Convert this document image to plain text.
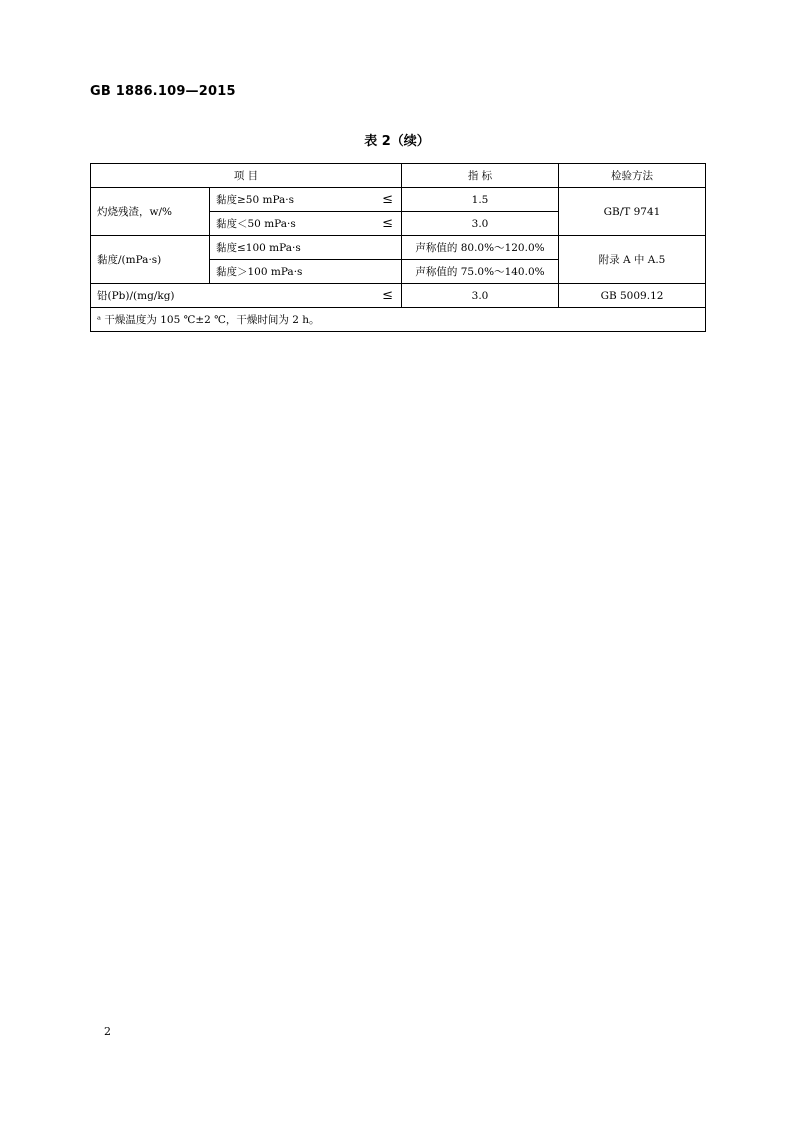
GB 1886.109—2015
表 2（续）
项 目		指 标	检验方法
灼烧残渣，w/%	黏度≥50 mPa·s ≤	1.5	GB/T 9741

	黏度＜50 mPa·s ≤	3.0	
黏度/(mPa·s)	黏度≤100 mPa·s	声称值的 80.0%～120.0%	附录 A 中 A.5
	黏度＞100 mPa·s	声称值的 75.0%～140.0%	

铅(Pb)/(mg/kg) ≤		3.0	GB 5009.12
ᵃ 干燥温度为 105 ℃±2 ℃，干燥时间为 2 h。			
2
